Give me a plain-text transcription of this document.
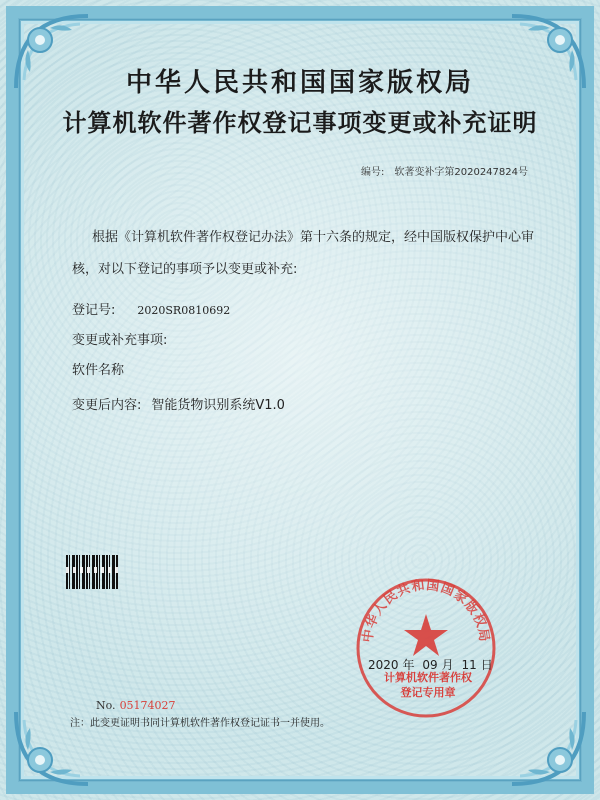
中华人民共和国国家版权局
计算机软件著作权登记事项变更或补充证明
编号: 软著变补字第2020247824号
根据《计算机软件著作权登记办法》第十六条的规定，经中国版权保护中心审核，对以下登记的事项予以变更或补充:
登记号: 2020SR0810692
变更或补充事项:
软件名称
变更后内容: 智能货物识别系统V1.0
中华人民共和国国家版权局
2020 年 09 月 11 日
计算机软件著作权
登记专用章
No. 05174027
注：此变更证明书同计算机软件著作权登记证书一并使用。
